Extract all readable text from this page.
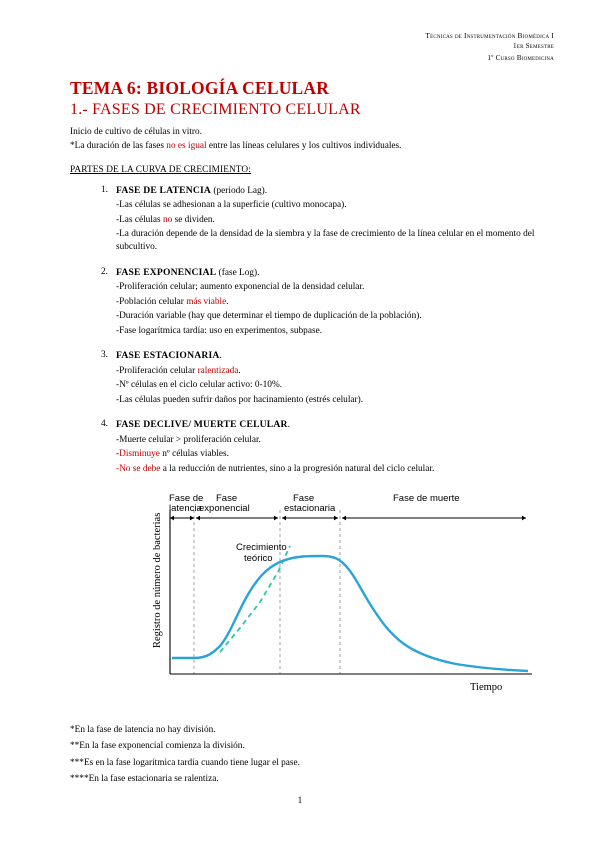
Técnicas de Instrumentación Biomédica I
1er Semestre
1º Curso Biomedicina
TEMA 6: BIOLOGÍA CELULAR
1.- FASES DE CRECIMIENTO CELULAR

Inicio de cultivo de células in vitro.

*La duración de las fases no es igual entre las líneas celulares y los cultivos individuales.

PARTES DE LA CURVA DE CRECIMIENTO:

1. FASE DE LATENCIA (periodo Lag).
-Las células se adhesionan a la superficie (cultivo monocapa).
-Las células no se dividen.
-La duración depende de la densidad de la siembra y la fase de crecimiento de la línea celular en el momento del subcultivo.
2. FASE EXPONENCIAL (fase Log).
-Proliferación celular; aumento exponencial de la densidad celular.
-Población celular más viable.
-Duración variable (hay que determinar el tiempo de duplicación de la población).
-Fase logarítmica tardía: uso en experimentos, subpase.
3. FASE ESTACIONARIA.
-Proliferación celular ralentizada.
-Nº células en el ciclo celular activo: 0-10%.
-Las células pueden sufrir daños por hacinamiento (estrés celular).
4. FASE DECLIVE/ MUERTE CELULAR.
-Muerte celular > proliferación celular.
-Disminuye nº células viables.
-No se debe a la reducción de nutrientes, sino a la progresión natural del ciclo celular.
Fase de
latencia
Fase
exponencial
Fase
estacionaria
Fase de muerte
Registro de número de bacterias
Tiempo
Crecimiento
teórico
*En la fase de latencia no hay división.
**En la fase exponencial comienza la división.
***Es en la fase logarítmica tardía cuando tiene lugar el pase.
****En la fase estacionaria se ralentiza.
1
